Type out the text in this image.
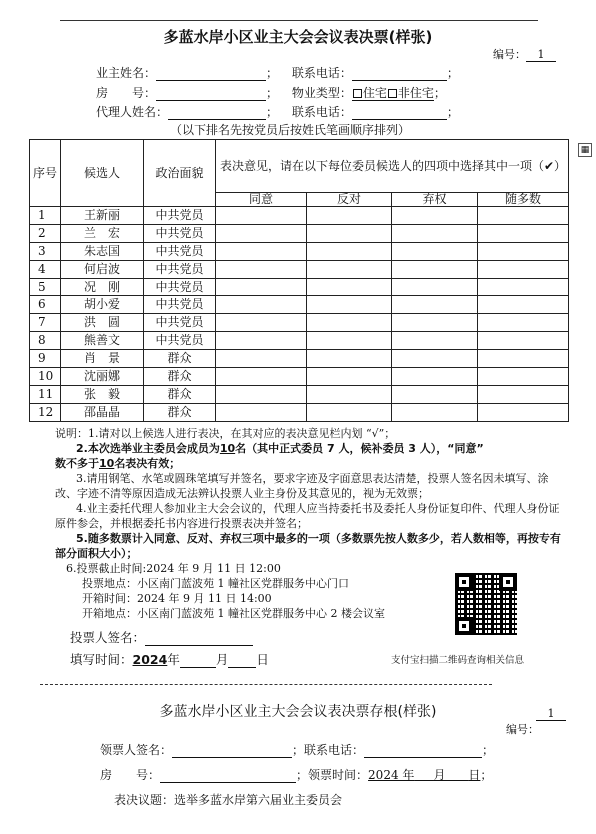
多蓝水岸小区业主大会会议表决票(样张)
编号： 1
业主姓名：	； 联系电话：	；
房　　号：	； 物业类型： 住宅 非住宅；
代理人姓名：	； 联系电话：	；
（以下排名先按党员后按姓氏笔画顺序排列）
▦
序号	候选人	政治面貌	表决意见，请在以下每位委员候选人的四项中选择其中一项（✔）			
			同意	反对	弃权	随多数
1	王新丽	中共党员				
2	兰　宏	中共党员				
3	朱志国	中共党员				
4	何启波	中共党员				
5	况　刚	中共党员				
6	胡小爱	中共党员				
7	洪　圆	中共党员				
8	熊善文	中共党员				
9	肖　景	群众				
10	沈丽娜	群众				
11	张　毅	群众				
12	邵晶晶	群众				
说明：1.请对以上候选人进行表决，在其对应的表决意见栏内划 “√”；
2.本次选举业主委员会成员为10名（其中正式委员 7 人，候补委员 3 人），“同意”
数不多于10名表决有效；
3.请用钢笔、水笔或圆珠笔填写并签名，要求字迹及字面意思表达清楚，投票人签名因未填写、涂改、字迹不清等原因造成无法辨认投票人业主身份及其意见的，视为无效票；
4.业主委托代理人参加业主大会会议的，代理人应当持委托书及委托人身份证复印件、代理人身份证原件参会，并根据委托书内容进行投票表决并签名；
5.随多数票计入同意、反对、弃权三项中最多的一项（多数票先按人数多少，若人数相等，再按专有部分面积大小）；
6.投票截止时间:2024 年 9 月 11 日 12:00
投票地点：小区南门蓝波苑 1 幢社区党群服务中心门口
开箱时间：2024 年 9 月 11 日 14:00
开箱地点：小区南门蓝波苑 1 幢社区党群服务中心 2 楼会议室
投票人签名：
填写时间：2024年	月 日	支付宝扫描二维码查询相关信息
多蓝水岸小区业主大会会议表决票存根(样张)
编号：
1
领票人签名：	；联系电话：	；
房　　号：	；领票时间：2024 年 月 日；
表决议题：选举多蓝水岸第六届业主委员会
